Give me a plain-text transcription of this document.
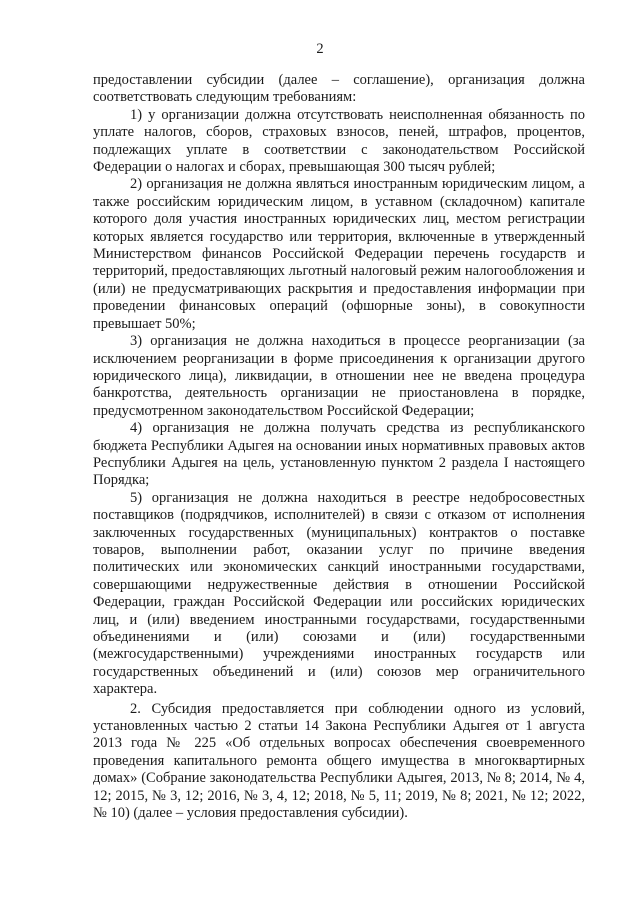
2

предоставлении субсидии (далее – соглашение), организация должна соответствовать следующим требованиям:

1) у организации должна отсутствовать неисполненная обязанность по уплате налогов, сборов, страховых взносов, пеней, штрафов, процентов, подлежащих уплате в соответствии с законодательством Российской Федерации о налогах и сборах, превышающая 300 тысяч рублей;

2) организация не должна являться иностранным юридическим лицом, а также российским юридическим лицом, в уставном (складочном) капитале которого доля участия иностранных юридических лиц, местом регистрации которых является государство или территория, включенные в утвержденный Министерством финансов Российской Федерации перечень государств и территорий, предоставляющих льготный налоговый режим налогообложения и (или) не предусматривающих раскрытия и предоставления информации при проведении финансовых операций (офшорные зоны), в совокупности превышает 50%;

3) организация не должна находиться в процессе реорганизации (за исключением реорганизации в форме присоединения к организации другого юридического лица), ликвидации, в отношении нее не введена процедура банкротства, деятельность организации не приостановлена в порядке, предусмотренном законодательством Российской Федерации;

4) организация не должна получать средства из республиканского бюджета Республики Адыгея на основании иных нормативных правовых актов Республики Адыгея на цель, установленную пунктом 2 раздела I настоящего Порядка;

5) организация не должна находиться в реестре недобросовестных поставщиков (подрядчиков, исполнителей) в связи с отказом от исполнения заключенных государственных (муниципальных) контрактов о поставке товаров, выполнении работ, оказании услуг по причине введения политических или экономических санкций иностранными государствами, совершающими недружественные действия в отношении Российской Федерации, граждан Российской Федерации или российских юридических лиц, и (или) введением иностранными государствами, государственными объединениями и (или) союзами и (или) государственными (межгосударственными) учреждениями иностранных государств или государственных объединений и (или) союзов мер ограничительного характера.

2. Субсидия предоставляется при соблюдении одного из условий, установленных частью 2 статьи 14 Закона Республики Адыгея от 1 августа 2013 года № 225 «Об отдельных вопросах обеспечения своевременного проведения капитального ремонта общего имущества в многоквартирных домах» (Собрание законодательства Республики Адыгея, 2013, № 8; 2014, № 4, 12; 2015, № 3, 12; 2016, № 3, 4, 12; 2018, № 5, 11; 2019, № 8; 2021, № 12; 2022, № 10) (далее – условия предоставления субсидии).
